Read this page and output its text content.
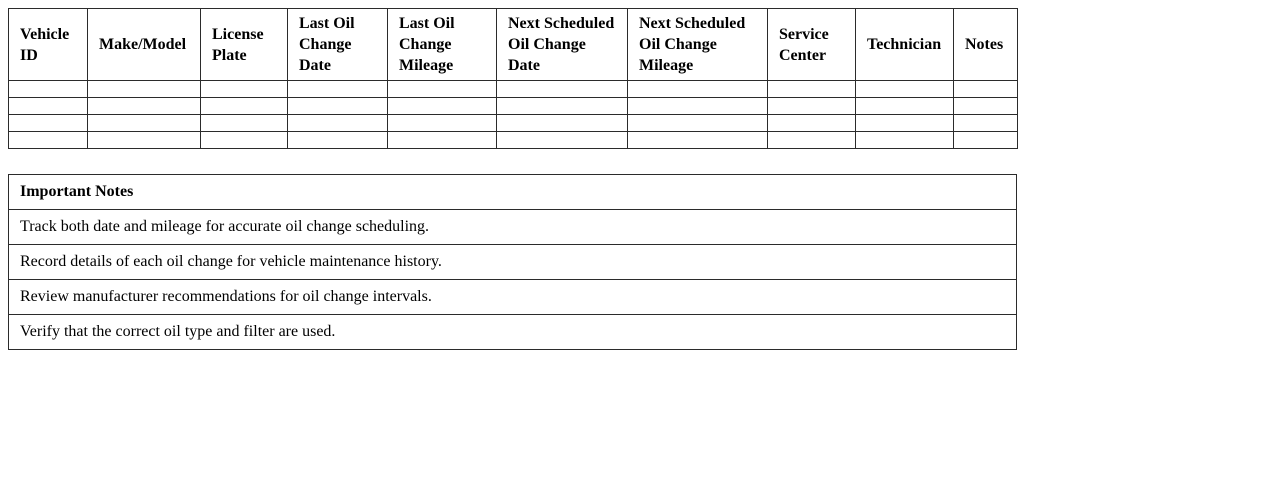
Vehicle ID	Make/Model	License Plate	Last Oil Change Date	Last Oil Change Mileage	Next Scheduled Oil Change Date	Next Scheduled Oil Change Mileage	Service Center	Technician	Notes

Important Notes
Track both date and mileage for accurate oil change scheduling.
Record details of each oil change for vehicle maintenance history.
Review manufacturer recommendations for oil change intervals.
Verify that the correct oil type and filter are used.
